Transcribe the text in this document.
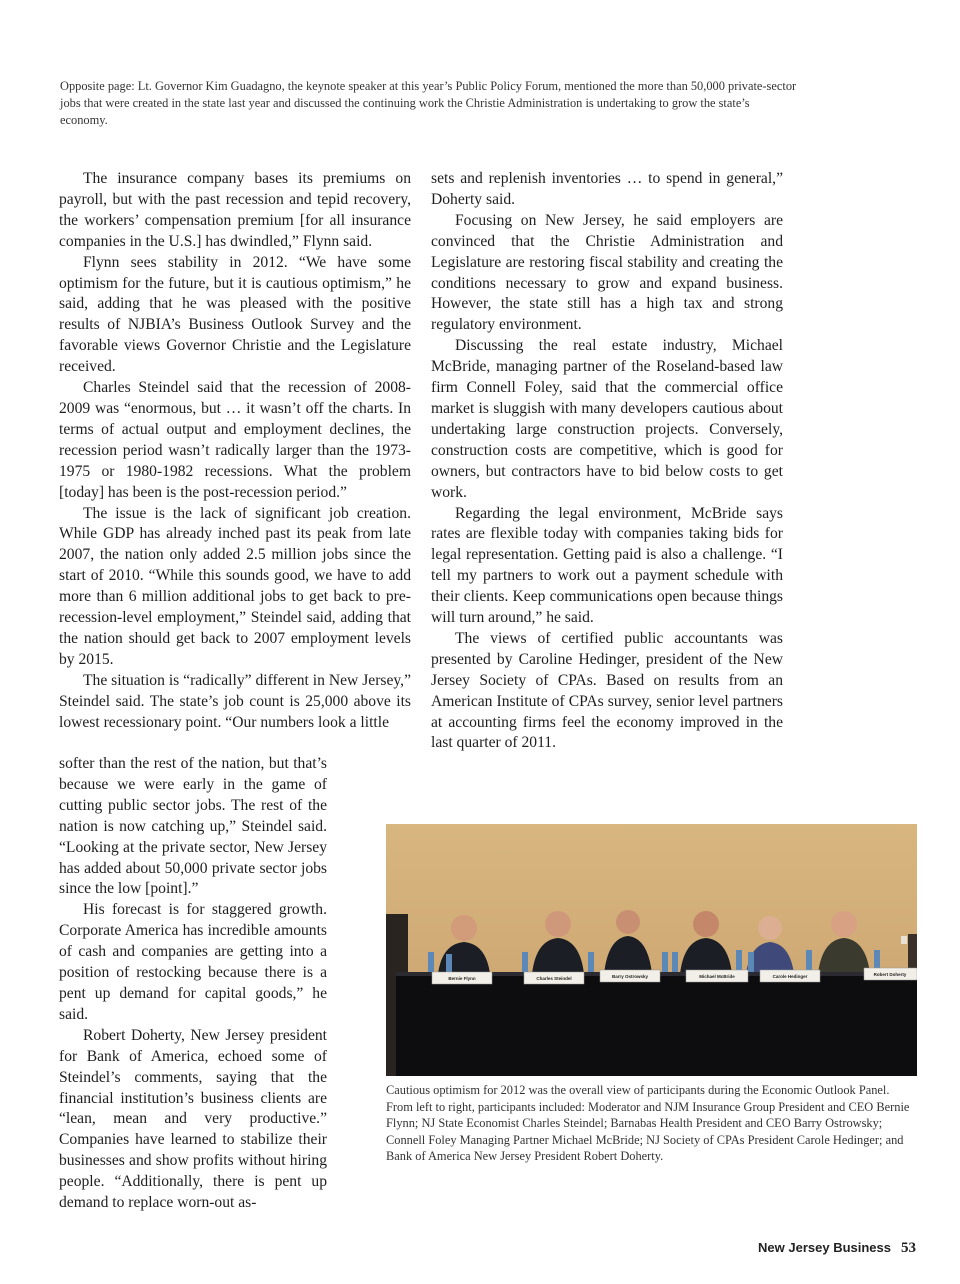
Opposite page: Lt. Governor Kim Guadagno, the keynote speaker at this year’s Public Policy Forum, mentioned the more than 50,000 private-sector jobs that were created in the state last year and discussed the continuing work the Christie Administration is undertaking to grow the state’s economy.

The insurance company bases its premiums on payroll, but with the past recession and tepid recovery, the workers’ compensation premium [for all insurance companies in the U.S.] has dwindled,” Flynn said.

Flynn sees stability in 2012. “We have some optimism for the future, but it is cautious optimism,” he said, adding that he was pleased with the positive results of NJBIA’s Business Outlook Survey and the favorable views Governor Christie and the Legislature received.

Charles Steindel said that the recession of 2008-2009 was “enormous, but … it wasn’t off the charts. In terms of actual output and employment declines, the recession period wasn’t radically larger than the 1973-1975 or 1980-1982 recessions. What the problem [today] has been is the post-recession period.”

The issue is the lack of significant job creation. While GDP has already inched past its peak from late 2007, the nation only added 2.5 million jobs since the start of 2010. “While this sounds good, we have to add more than 6 million additional jobs to get back to pre-recession-level employment,” Steindel said, adding that the nation should get back to 2007 employment levels by 2015.

The situation is “radically” different in New Jersey,” Steindel said. The state’s job count is 25,000 above its lowest recessionary point. “Our numbers look a little

softer than the rest of the nation, but that’s because we were early in the game of cutting public sector jobs. The rest of the nation is now catching up,” Steindel said. “Looking at the private sector, New Jersey has added about 50,000 private sector jobs since the low [point].”

His forecast is for staggered growth. Corporate America has incredible amounts of cash and companies are getting into a position of restocking because there is a pent up demand for capital goods,” he said.

Robert Doherty, New Jersey president for Bank of America, echoed some of Steindel’s comments, saying that the financial institution’s business clients are “lean, mean and very productive.” Companies have learned to stabilize their businesses and show profits without hiring people. “Additionally, there is pent up demand to replace worn-out as-

sets and replenish inventories … to spend in general,” Doherty said.

Focusing on New Jersey, he said employers are convinced that the Christie Administration and Legislature are restoring fiscal stability and creating the conditions necessary to grow and expand business. However, the state still has a high tax and strong regulatory environment.

Discussing the real estate industry, Michael McBride, managing partner of the Roseland-based law firm Connell Foley, said that the commercial office market is sluggish with many developers cautious about undertaking large construction projects. Conversely, construction costs are competitive, which is good for owners, but contractors have to bid below costs to get work.

Regarding the legal environment, McBride says rates are flexible today with companies taking bids for legal representation. Getting paid is also a challenge. “I tell my partners to work out a payment schedule with their clients. Keep communications open because things will turn around,” he said.

The views of certified public accountants was presented by Caroline Hedinger, president of the New Jersey Society of CPAs. Based on results from an American Institute of CPAs survey, senior level partners at accounting firms feel the economy improved in the last quarter of 2011.

Bernie Flynn	Charles Steindel	Barry Ostrowsky	Michael McBride	Carole Hedinger	Robert Doherty

Cautious optimism for 2012 was the overall view of participants during the Economic Outlook Panel. From left to right, participants included: Moderator and NJM Insurance Group President and CEO Bernie Flynn; NJ State Economist Charles Steindel; Barnabas Health President and CEO Barry Ostrowsky; Connell Foley Managing Partner Michael McBride; NJ Society of CPAs President Carole Hedinger; and Bank of America New Jersey President Robert Doherty.

New Jersey Business 53
